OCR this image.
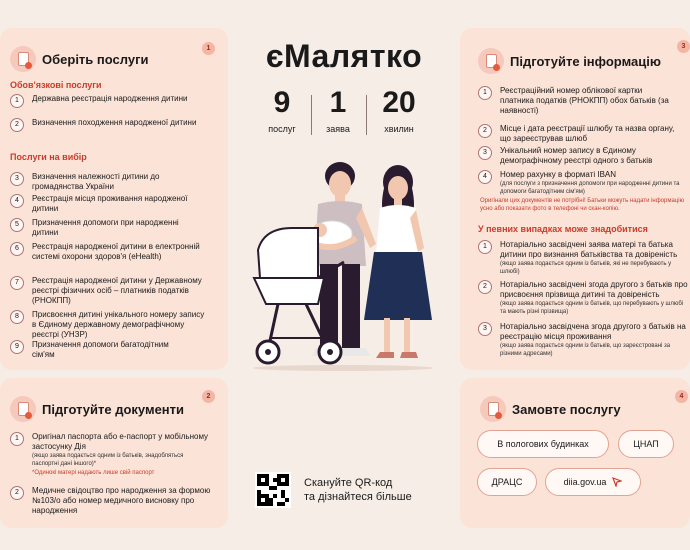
Оберіть послуги
1
Обов'язкові послуги
1	Державна реєстрація народження дитини
2	Визначення походження народженої дитини
Послуги на вибір
3	Визначення належності дитини до громадянства України
4	Реєстрація місця проживання народженої дитини
5	Призначення допомоги при народженні дитини
6	Реєстрація народженої дитини в електронній системі охорони здоров'я (eHealth)
7	Реєстрація народженої дитини у Державному реєстрі фізичних осіб – платників податків (РНОКПП)
8	Присвоєння дитині унікального номеру запису в Єдиному державному демографічному реєстрі (УНЗР)
9	Призначення допомоги багатодітним сім'ям
Підготуйте документи
2
1	Оригінал паспорта або е-паспорт у мобільному застосунку Дія
(якщо заява подається одним із батьків, знадобляться паспортні дані іншого)*
*Одинокі матері надають лише свій паспорт
2	Медичне свідоцтво про народження за формою №103/о або номер медичного висновку про народження
Підготуйте інформацію
3
1	Реєстраційний номер облікової картки платника податків (РНОКПП) обох батьків (за наявності)
2	Місце і дата реєстрації шлюбу та назва органу, що зареєстрував шлюб
3	Унікальний номер запису в Єдиному демографічному реєстрі одного з батьків
4	Номер рахунку в форматі IBAN
(для послуги з призначення допомоги при народженні дитини та допомоги багатодітним сім'ям)
Оригінали цих документів не потрібні! Батьки можуть надати інформацію усно або показати фото в телефоні чи скан-копію.
У певних випадках може знадобитися
1	Нотаріально засвідчені заява матері та батька дитини про визнання батьківства та довіреність
(якщо заява подається одним із батьків, які не перебувають у шлюбі)
2	Нотаріально засвідчені згода другого з батьків про присвоєння прізвища дитині та довіреність
(якщо заява подається одним із батьків, що перебувають у шлюбі та мають різні прізвища)
3	Нотаріально засвідчена згода другого з батьків на реєстрацію місця проживання
(якщо заява подається одним із батьків, що зареєстровані за різними адресами)
Замовте послугу
4
В пологових будинках	ЦНАП
ДРАЦС	diia.gov.ua
єМалятко
9
послуг
1
заява
20
хвилин
Скануйте QR-код
та дізнайтеся більше
